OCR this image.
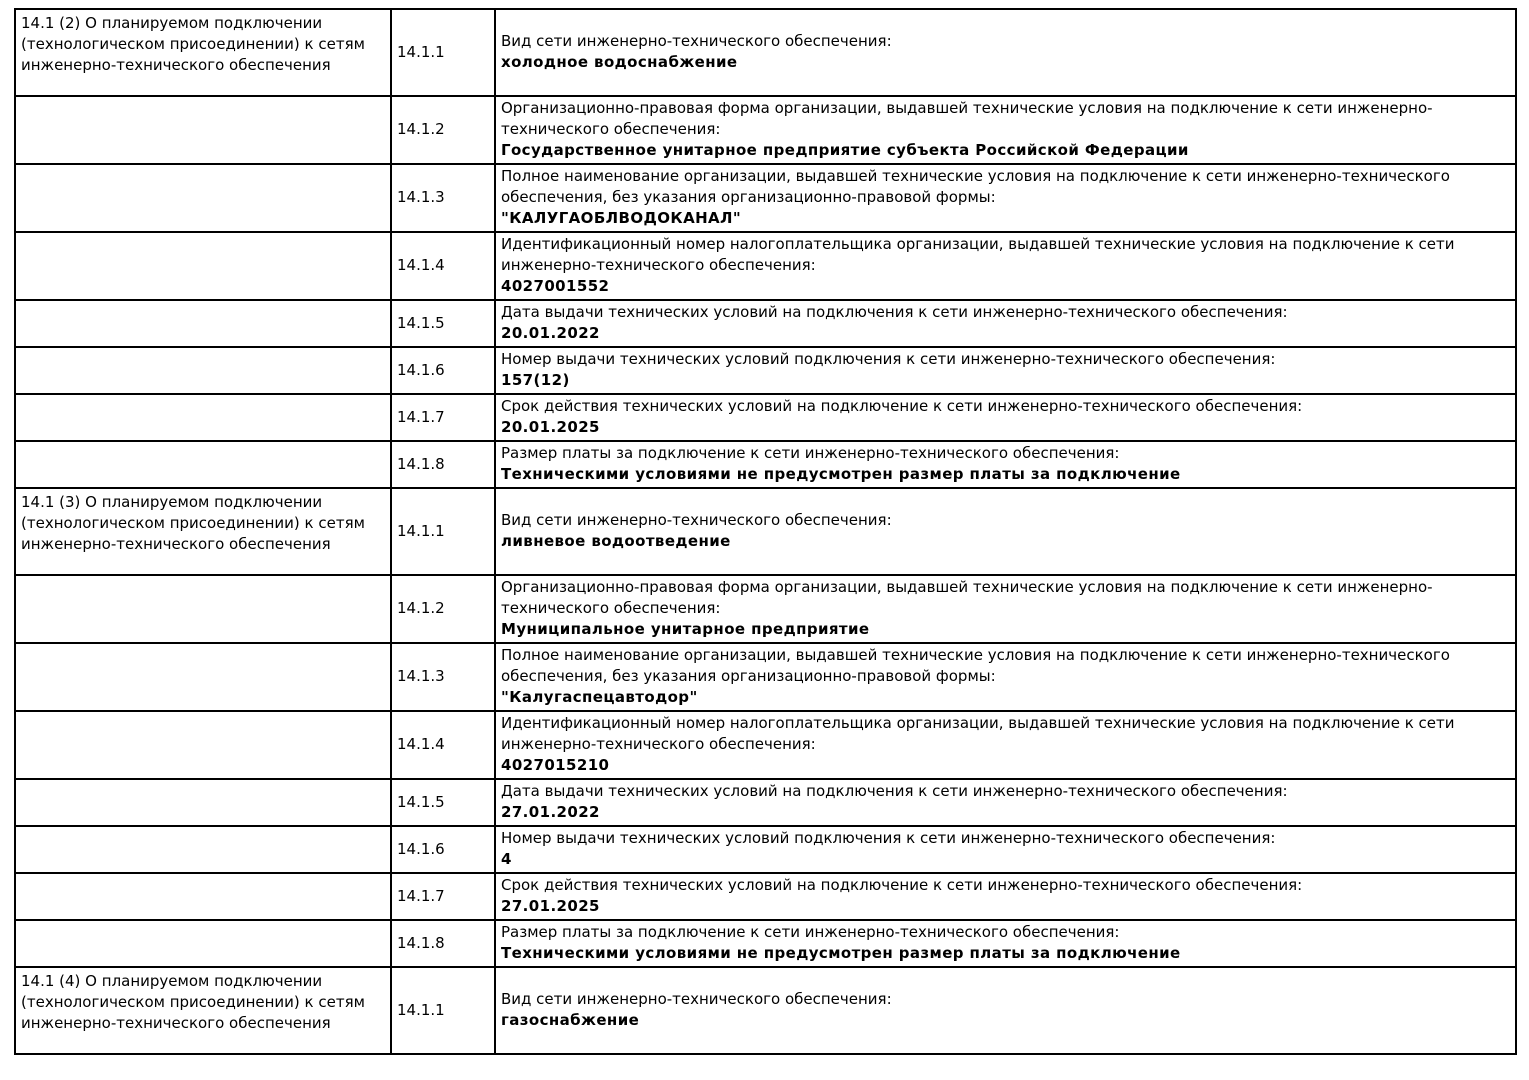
14.1 (2) О планируемом подключении (технологическом присоединении) к сетям инженерно-технического обеспечения	14.1.1	Вид сети инженерно-технического обеспечения:
холодное водоснабжение

	14.1.2	Организационно-правовая форма организации, выдавшей технические условия на подключение к сети инженерно-технического обеспечения:
Государственное унитарное предприятие субъекта Российской Федерации

	14.1.3	Полное наименование организации, выдавшей технические условия на подключение к сети инженерно-технического обеспечения, без указания организационно-правовой формы:
"КАЛУГАОБЛВОДОКАНАЛ"

	14.1.4	Идентификационный номер налогоплательщика организации, выдавшей технические условия на подключение к сети инженерно-технического обеспечения:
4027001552

	14.1.5	Дата выдачи технических условий на подключения к сети инженерно-технического обеспечения:
20.01.2022

	14.1.6	Номер выдачи технических условий подключения к сети инженерно-технического обеспечения:
157(12)

	14.1.7	Срок действия технических условий на подключение к сети инженерно-технического обеспечения:
20.01.2025

	14.1.8	Размер платы за подключение к сети инженерно-технического обеспечения:
Техническими условиями не предусмотрен размер платы за подключение

14.1 (3) О планируемом подключении (технологическом присоединении) к сетям инженерно-технического обеспечения	14.1.1	Вид сети инженерно-технического обеспечения:
ливневое водоотведение

	14.1.2	Организационно-правовая форма организации, выдавшей технические условия на подключение к сети инженерно-технического обеспечения:
Муниципальное унитарное предприятие

	14.1.3	Полное наименование организации, выдавшей технические условия на подключение к сети инженерно-технического обеспечения, без указания организационно-правовой формы:
"Калугаспецавтодор"

	14.1.4	Идентификационный номер налогоплательщика организации, выдавшей технические условия на подключение к сети инженерно-технического обеспечения:
4027015210

	14.1.5	Дата выдачи технических условий на подключения к сети инженерно-технического обеспечения:
27.01.2022

	14.1.6	Номер выдачи технических условий подключения к сети инженерно-технического обеспечения:
4

	14.1.7	Срок действия технических условий на подключение к сети инженерно-технического обеспечения:
27.01.2025

	14.1.8	Размер платы за подключение к сети инженерно-технического обеспечения:
Техническими условиями не предусмотрен размер платы за подключение

14.1 (4) О планируемом подключении (технологическом присоединении) к сетям инженерно-технического обеспечения	14.1.1	Вид сети инженерно-технического обеспечения:
газоснабжение
